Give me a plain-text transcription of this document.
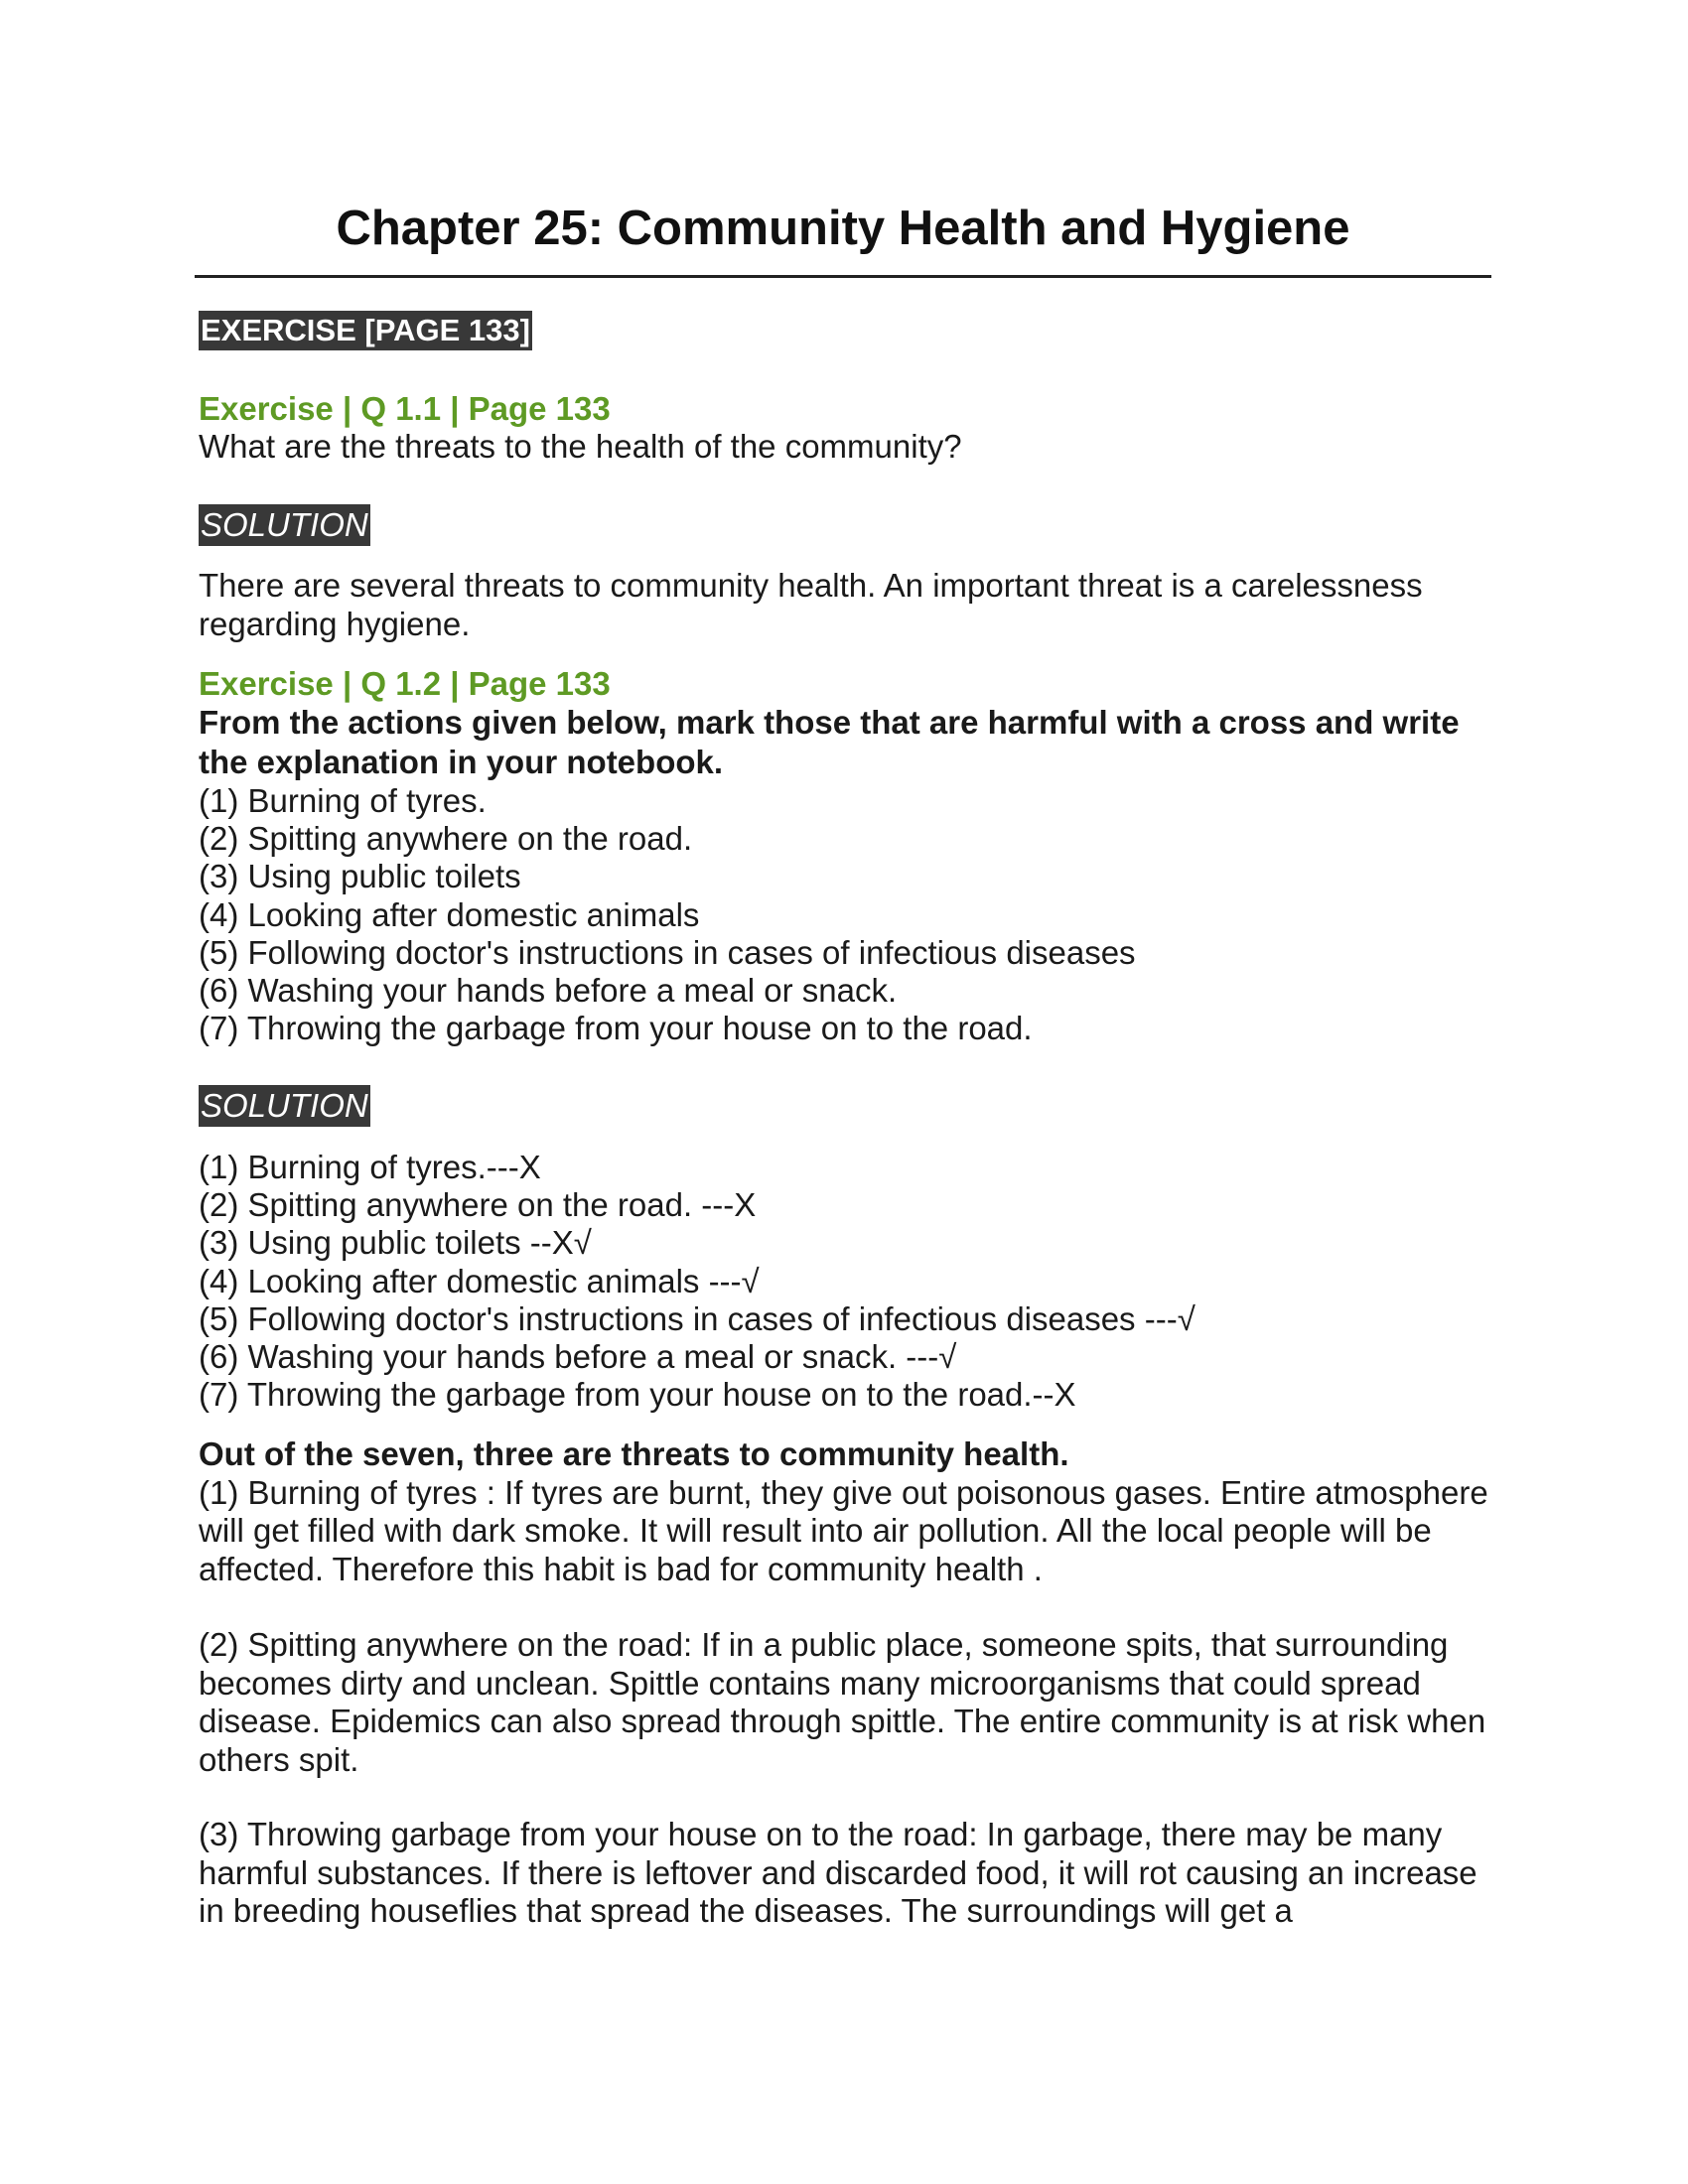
Chapter 25: Community Health and Hygiene
EXERCISE [PAGE 133]

Exercise | Q 1.1 | Page 133

What are the threats to the health of the community?

SOLUTION

There are several threats to community health. An important threat is a carelessness regarding hygiene.

Exercise | Q 1.2 | Page 133

From the actions given below, mark those that are harmful with a cross and write the explanation in your notebook.

(1) Burning of tyres.
(2) Spitting anywhere on the road.
(3) Using public toilets
(4) Looking after domestic animals
(5) Following doctor's instructions in cases of infectious diseases
(6) Washing your hands before a meal or snack.
(7) Throwing the garbage from your house on to the road.
SOLUTION
(1) Burning of tyres.---X
(2) Spitting anywhere on the road. ---X
(3) Using public toilets --X√
(4) Looking after domestic animals ---√
(5) Following doctor's instructions in cases of infectious diseases ---√
(6) Washing your hands before a meal or snack. ---√
(7) Throwing the garbage from your house on to the road.--X

Out of the seven, three are threats to community health.

(1) Burning of tyres : If tyres are burnt, they give out poisonous gases. Entire atmosphere will get filled with dark smoke. It will result into air pollution. All the local people will be affected. Therefore this habit is bad for community health .

(2) Spitting anywhere on the road: If in a public place, someone spits, that surrounding becomes dirty and unclean. Spittle contains many microorganisms that could spread disease. Epidemics can also spread through spittle. The entire community is at risk when others spit.

(3) Throwing garbage from your house on to the road: In garbage, there may be many harmful substances. If there is leftover and discarded food, it will rot causing an increase in breeding houseflies that spread the diseases. The surroundings will get a
